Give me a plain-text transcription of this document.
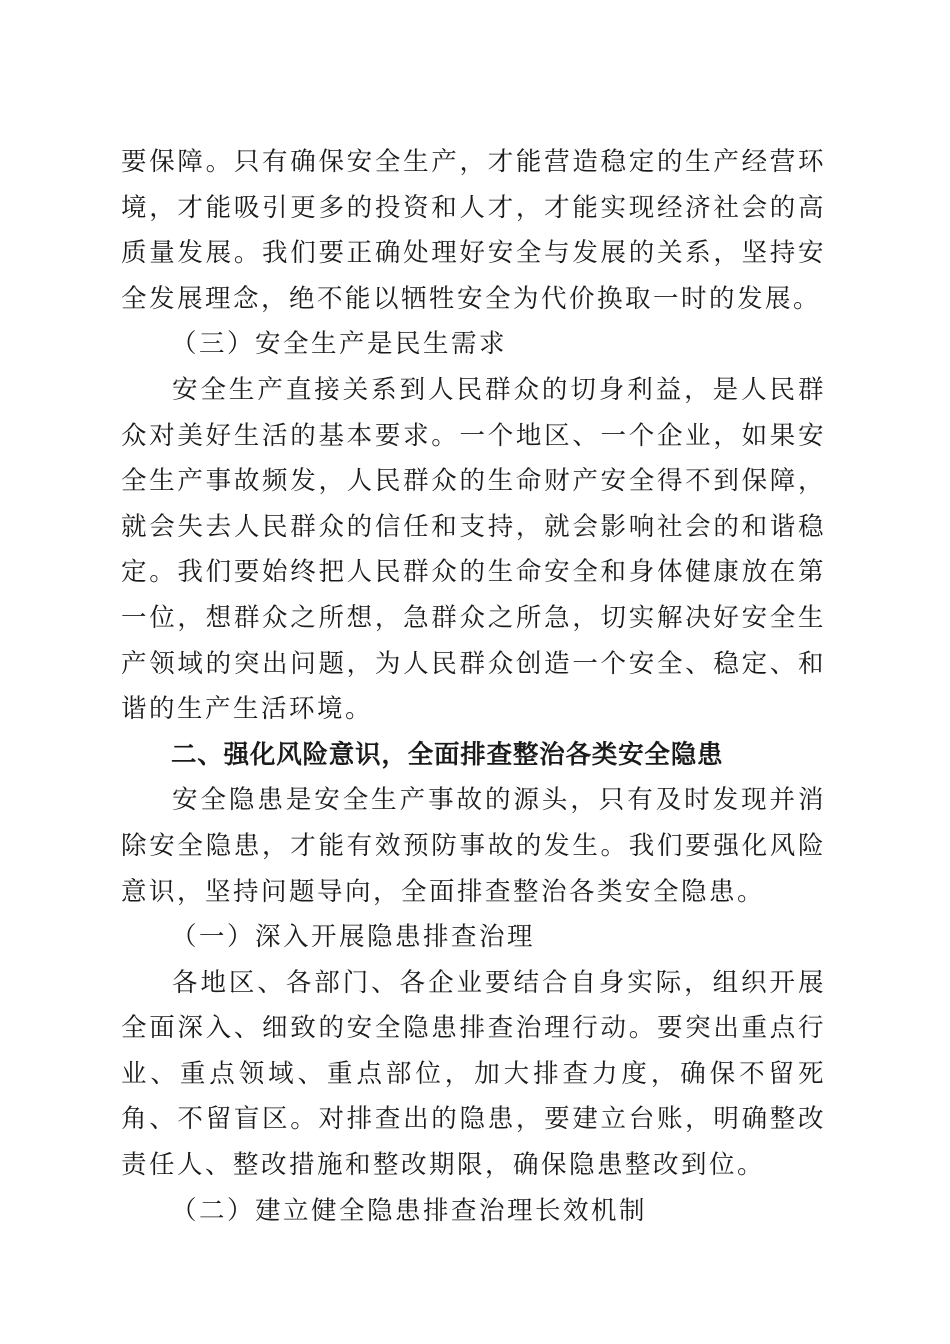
要保障。只有确保安全生产，才能营造稳定的生产经营环境，才能吸引更多的投资和人才，才能实现经济社会的高质量发展。我们要正确处理好安全与发展的关系，坚持安全发展理念，绝不能以牺牲安全为代价换取一时的发展。

（三）安全生产是民生需求

安全生产直接关系到人民群众的切身利益，是人民群众对美好生活的基本要求。一个地区、一个企业，如果安全生产事故频发，人民群众的生命财产安全得不到保障，就会失去人民群众的信任和支持，就会影响社会的和谐稳定。我们要始终把人民群众的生命安全和身体健康放在第一位，想群众之所想，急群众之所急，切实解决好安全生产领域的突出问题，为人民群众创造一个安全、稳定、和谐的生产生活环境。

二、强化风险意识，全面排查整治各类安全隐患

安全隐患是安全生产事故的源头，只有及时发现并消除安全隐患，才能有效预防事故的发生。我们要强化风险意识，坚持问题导向，全面排查整治各类安全隐患。

（一）深入开展隐患排查治理

各地区、各部门、各企业要结合自身实际，组织开展全面深入、细致的安全隐患排查治理行动。要突出重点行业、重点领域、重点部位，加大排查力度，确保不留死角、不留盲区。对排查出的隐患，要建立台账，明确整改责任人、整改措施和整改期限，确保隐患整改到位。

（二）建立健全隐患排查治理长效机制
